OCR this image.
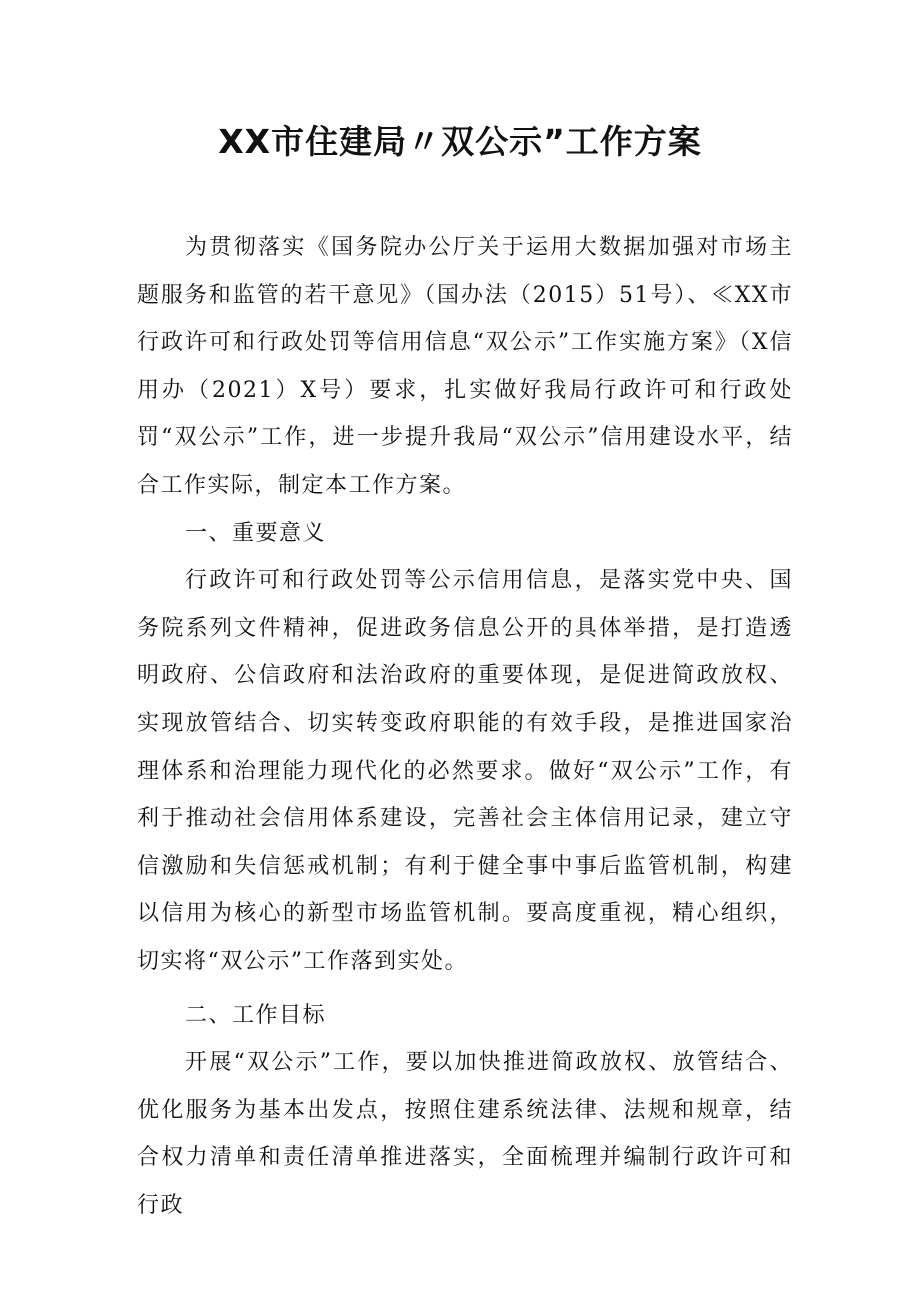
XX市住建局〃双公示”工作方案

为贯彻落实《国务院办公厅关于运用大数据加强对市场主题服务和监管的若干意见》（国办法（2015）51号）、≪XX市行政许可和行政处罚等信用信息“双公示”工作实施方案》（X信用办（2021）X号）要求，扎实做好我局行政许可和行政处罚“双公示”工作，进一步提升我局“双公示”信用建设水平，结合工作实际，制定本工作方案。

一、重要意义

行政许可和行政处罚等公示信用信息，是落实党中央、国务院系列文件精神，促进政务信息公开的具体举措，是打造透明政府、公信政府和法治政府的重要体现，是促进简政放权、实现放管结合、切实转变政府职能的有效手段，是推进国家治理体系和治理能力现代化的必然要求。做好“双公示”工作，有利于推动社会信用体系建设，完善社会主体信用记录，建立守信激励和失信惩戒机制；有利于健全事中事后监管机制，构建以信用为核心的新型市场监管机制。要高度重视，精心组织，切实将“双公示”工作落到实处。

二、工作目标

开展“双公示”工作，要以加快推进简政放权、放管结合、优化服务为基本出发点，按照住建系统法律、法规和规章，结合权力清单和责任清单推进落实，全面梳理并编制行政许可和行政
